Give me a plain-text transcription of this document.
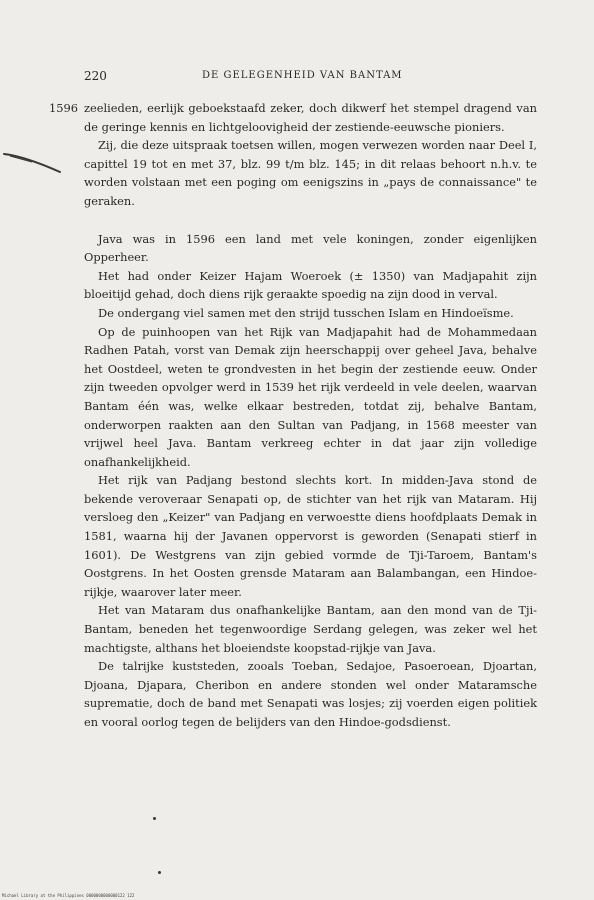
220	DE GELEGENHEID VAN BANTAM
1596 zeelieden, eerlijk geboekstaafd zeker, doch dikwerf het stempel dragend van de geringe kennis en lichtgeloovigheid der zestiende-eeuwsche pioniers.

Zij, die deze uitspraak toetsen willen, mogen verwezen worden naar Deel I, capittel 19 tot en met 37, blz. 99 t/m blz. 145; in dit relaas behoort n.h.v. te worden volstaan met een poging om eenigszins in „pays de connaissance" te geraken.

Java was in 1596 een land met vele koningen, zonder eigenlijken Opperheer.

Het had onder Keizer Hajam Woeroek (± 1350) van Madjapahit zijn bloeitijd gehad, doch diens rijk geraakte spoedig na zijn dood in verval.

De ondergang viel samen met den strijd tusschen Islam en Hindoeïsme.

Op de puinhoopen van het Rijk van Madjapahit had de Mohammedaan Radhen Patah, vorst van Demak zijn heerschappij over geheel Java, behalve het Oostdeel, weten te grondvesten in het begin der zestiende eeuw. Onder zijn tweeden opvolger werd in 1539 het rijk verdeeld in vele deelen, waarvan Bantam één was, welke elkaar bestreden, totdat zij, behalve Bantam, onderworpen raakten aan den Sultan van Padjang, in 1568 meester van vrijwel heel Java. Bantam verkreeg echter in dat jaar zijn volledige onafhankelijkheid.

Het rijk van Padjang bestond slechts kort. In midden-Java stond de bekende veroveraar Senapati op, de stichter van het rijk van Mataram. Hij versloeg den „Keizer" van Padjang en verwoestte diens hoofdplaats Demak in 1581, waarna hij der Javanen oppervorst is geworden (Senapati stierf in 1601). De Westgrens van zijn gebied vormde de Tji-Taroem, Bantam's Oostgrens. In het Oosten grensde Mataram aan Balambangan, een Hindoe-rijkje, waarover later meer.

Het van Mataram dus onafhankelijke Bantam, aan den mond van de Tji-Bantam, beneden het tegenwoordige Serdang gelegen, was zeker wel het machtigste, althans het bloeiendste koopstad-rijkje van Java.

De talrijke kuststeden, zooals Toeban, Sedajoe, Pasoeroean, Djoartan, Djoana, Djapara, Cheribon en andere stonden wel onder Mataramsche suprematie, doch de band met Senapati was losjes; zij voerden eigen politiek en vooral oorlog tegen de belijders van den Hindoe-godsdienst.

Michael Library at the Philippines 0000000000000122 122
